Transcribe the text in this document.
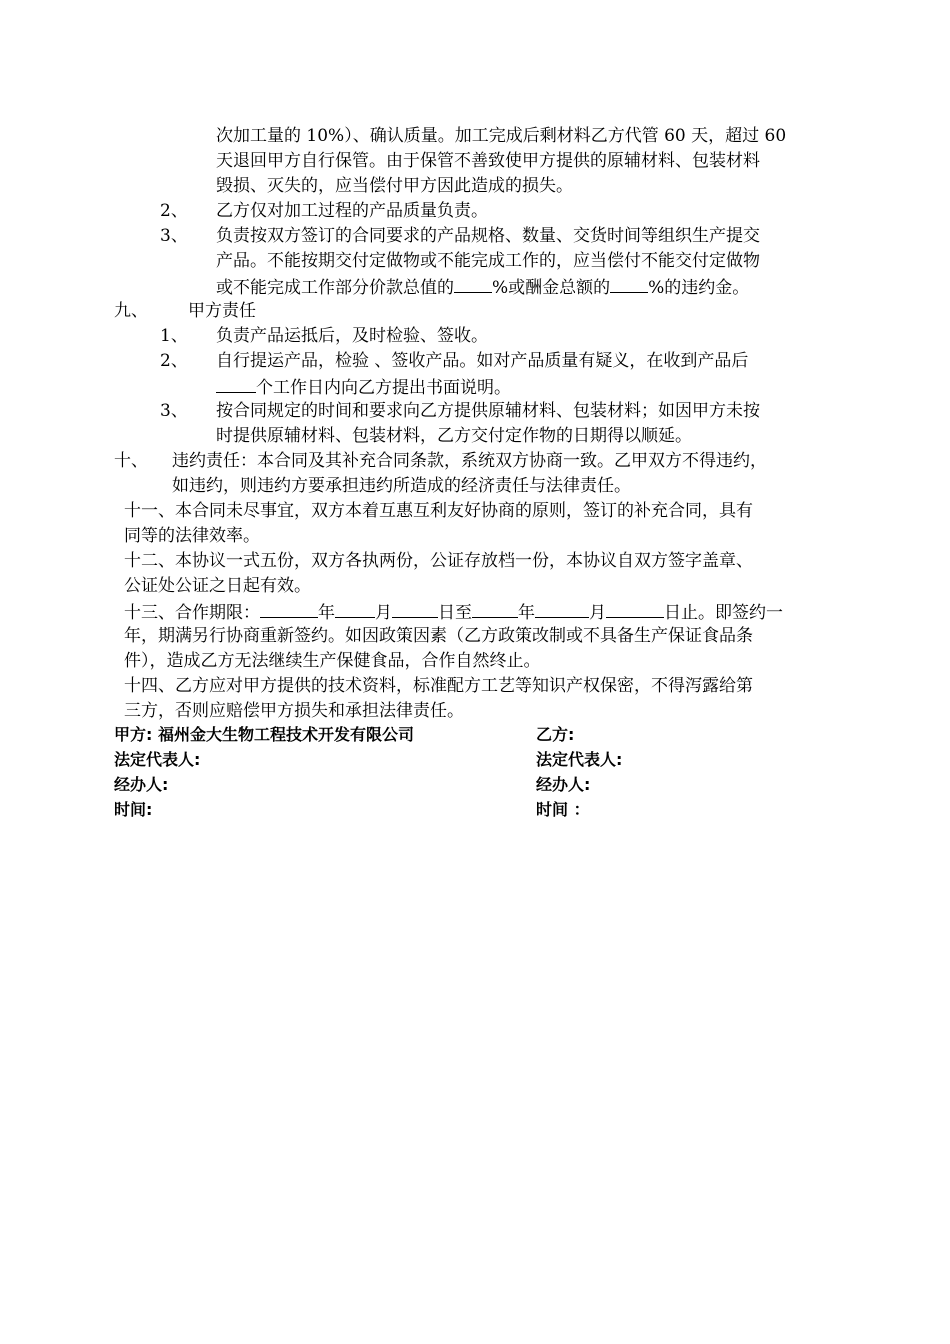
次加工量的 10%）、确认质量。加工完成后剩材料乙方代管 60 天，超过 60
天退回甲方自行保管。由于保管不善致使甲方提供的原辅材料、包装材料
毁损、灭失的，应当偿付甲方因此造成的损失。
2、 乙方仅对加工过程的产品质量负责。
3、 负责按双方签订的合同要求的产品规格、数量、交货时间等组织生产提交
产品。不能按期交付定做物或不能完成工作的，应当偿付不能交付定做物
或不能完成工作部分价款总值的 %或酬金总额的 %的违约金。
九、 甲方责任
1、 负责产品运抵后，及时检验、签收。
2、 自行提运产品，检验 、签收产品。如对产品质量有疑义，在收到产品后
个工作日内向乙方提出书面说明。
3、 按合同规定的时间和要求向乙方提供原辅材料、包装材料；如因甲方未按
时提供原辅材料、包装材料，乙方交付定作物的日期得以顺延。
十、 违约责任：本合同及其补充合同条款，系统双方协商一致。乙甲双方不得违约，
如违约，则违约方要承担违约所造成的经济责任与法律责任。
十一、本合同未尽事宜，双方本着互惠互利友好协商的原则，签订的补充合同，具有
同等的法律效率。
十二、本协议一式五份，双方各执两份，公证存放档一份，本协议自双方签字盖章、
公证处公证之日起有效。
十三、合作期限：	年 月	日至	年	月	日止。即签约一
年，期满另行协商重新签约。如因政策因素（乙方政策改制或不具备生产保证食品条
件），造成乙方无法继续生产保健食品，合作自然终止。
十四、乙方应对甲方提供的技术资料，标准配方工艺等知识产权保密，不得泻露给第
三方，否则应赔偿甲方损失和承担法律责任。
甲方: 福州金大生物工程技术开发有限公司	乙方:
法定代表人:	法定代表人:
经办人:	经办人:
时间:	时间 ：
